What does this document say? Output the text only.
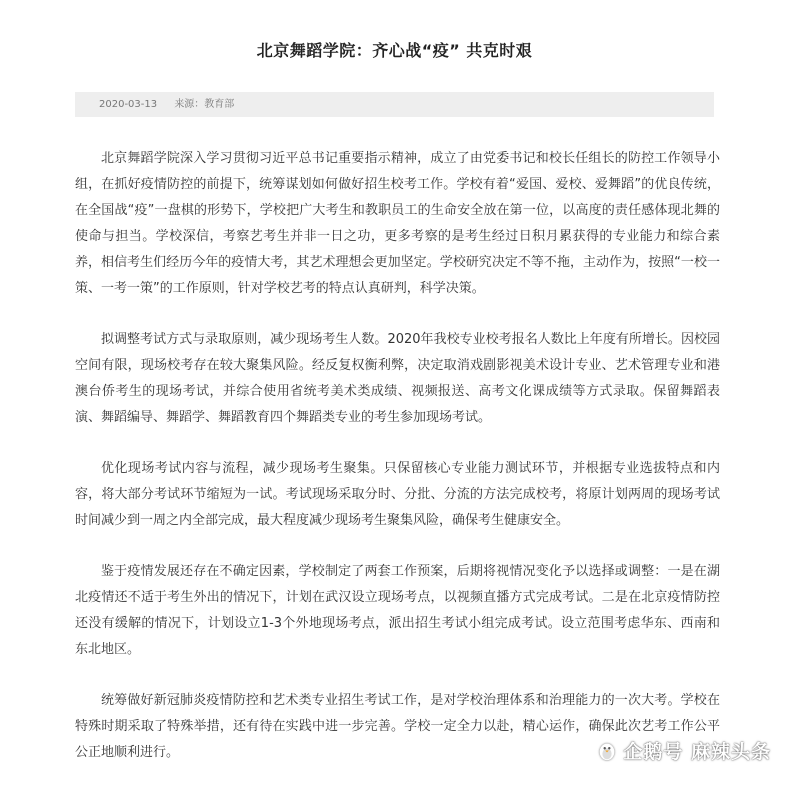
北京舞蹈学院：齐心战“疫” 共克时艰
2020-03-13 来源：教育部

北京舞蹈学院深入学习贯彻习近平总书记重要指示精神，成立了由党委书记和校长任组长的防控工作领导小组，在抓好疫情防控的前提下，统筹谋划如何做好招生校考工作。学校有着“爱国、爱校、爱舞蹈”的优良传统，在全国战“疫”一盘棋的形势下，学校把广大考生和教职员工的生命安全放在第一位，以高度的责任感体现北舞的使命与担当。学校深信，考察艺考生并非一日之功，更多考察的是考生经过日积月累获得的专业能力和综合素养，相信考生们经历今年的疫情大考，其艺术理想会更加坚定。学校研究决定不等不拖，主动作为，按照“一校一策、一考一策”的工作原则，针对学校艺考的特点认真研判，科学决策。

拟调整考试方式与录取原则，减少现场考生人数。2020年我校专业校考报名人数比上年度有所增长。因校园空间有限，现场校考存在较大聚集风险。经反复权衡利弊，决定取消戏剧影视美术设计专业、艺术管理专业和港澳台侨考生的现场考试，并综合使用省统考美术类成绩、视频报送、高考文化课成绩等方式录取。保留舞蹈表演、舞蹈编导、舞蹈学、舞蹈教育四个舞蹈类专业的考生参加现场考试。

优化现场考试内容与流程，减少现场考生聚集。只保留核心专业能力测试环节，并根据专业选拔特点和内容，将大部分考试环节缩短为一试。考试现场采取分时、分批、分流的方法完成校考，将原计划两周的现场考试时间减少到一周之内全部完成，最大程度减少现场考生聚集风险，确保考生健康安全。

鉴于疫情发展还存在不确定因素，学校制定了两套工作预案，后期将视情况变化予以选择或调整：一是在湖北疫情还不适于考生外出的情况下，计划在武汉设立现场考点，以视频直播方式完成考试。二是在北京疫情防控还没有缓解的情况下，计划设立1-3个外地现场考点，派出招生考试小组完成考试。设立范围考虑华东、西南和东北地区。

统筹做好新冠肺炎疫情防控和艺术类专业招生考试工作，是对学校治理体系和治理能力的一次大考。学校在特殊时期采取了特殊举措，还有待在实践中进一步完善。学校一定全力以赴，精心运作，确保此次艺考工作公平公正地顺利进行。	企鹅号 麻辣头条
